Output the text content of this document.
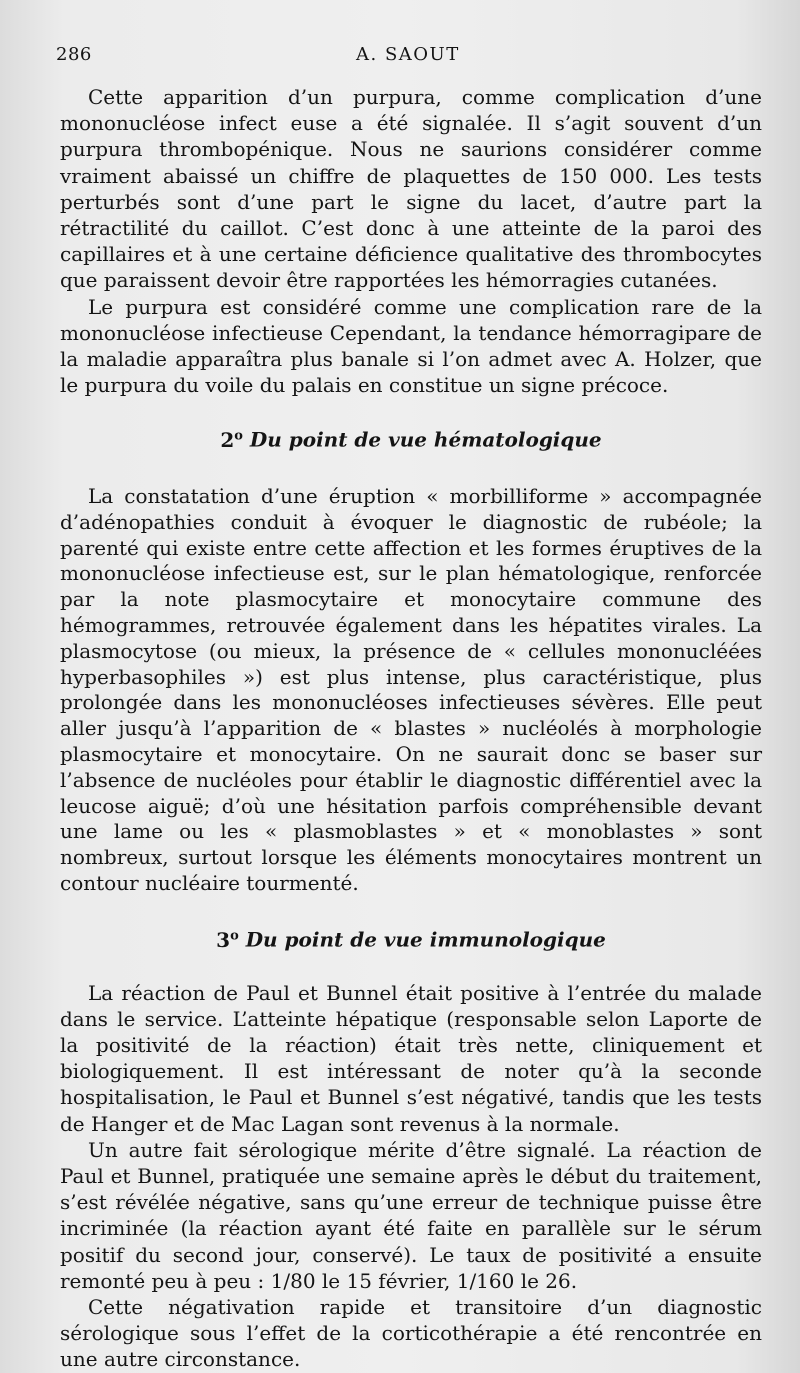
286	A. SAOUT

Cette apparition d’un purpura, comme complication d’une mononucléose infect euse a été signalée. Il s’agit souvent d’un purpura thrombopénique. Nous ne saurions considérer comme vraiment abaissé un chiffre de plaquettes de 150 000. Les tests perturbés sont d’une part le signe du lacet, d’autre part la rétractilité du caillot. C’est donc à une atteinte de la paroi des capillaires et à une certaine déficience qualitative des thrombocytes que paraissent devoir être rapportées les hémorragies cutanées.

Le purpura est considéré comme une complication rare de la mononucléose infectieuse Cependant, la tendance hémorragipare de la maladie apparaîtra plus banale si l’on admet avec A. Holzer, que le purpura du voile du palais en constitue un signe précoce.

2$^o$ Du point de vue hématologique

La constatation d’une éruption « morbilliforme » accompagnée d’adénopathies conduit à évoquer le diagnostic de rubéole; la parenté qui existe entre cette affection et les formes éruptives de la mononucléose infectieuse est, sur le plan hématologique, renforcée par la note plasmocytaire et monocytaire commune des hémogrammes, retrouvée également dans les hépatites virales. La plasmocytose (ou mieux, la présence de « cellules mononucléées hyperbasophiles ») est plus intense, plus caractéristique, plus prolongée dans les mononucléoses infectieuses sévères. Elle peut aller jusqu’à l’apparition de « blastes » nucléolés à morphologie plasmocytaire et monocytaire. On ne saurait donc se baser sur l’absence de nucléoles pour établir le diagnostic différentiel avec la leucose aiguë; d’où une hésitation parfois compréhensible devant une lame ou les « plasmoblastes » et « monoblastes » sont nombreux, surtout lorsque les éléments monocytaires montrent un contour nucléaire tourmenté.

3$^o$ Du point de vue immunologique

La réaction de Paul et Bunnel était positive à l’entrée du malade dans le service. L’atteinte hépatique (responsable selon Laporte de la positivité de la réaction) était très nette, cliniquement et biologiquement. Il est intéressant de noter qu’à la seconde hospitalisation, le Paul et Bunnel s’est négativé, tandis que les tests de Hanger et de Mac Lagan sont revenus à la normale.

Un autre fait sérologique mérite d’être signalé. La réaction de Paul et Bunnel, pratiquée une semaine après le début du traitement, s’est révélée négative, sans qu’une erreur de technique puisse être incriminée (la réaction ayant été faite en parallèle sur le sérum positif du second jour, conservé). Le taux de positivité a ensuite remonté peu à peu : 1/80 le 15 février, 1/160 le 26.

Cette négativation rapide et transitoire d’un diagnostic sérologique sous l’effet de la corticothérapie a été rencontrée en une autre circonstance.
